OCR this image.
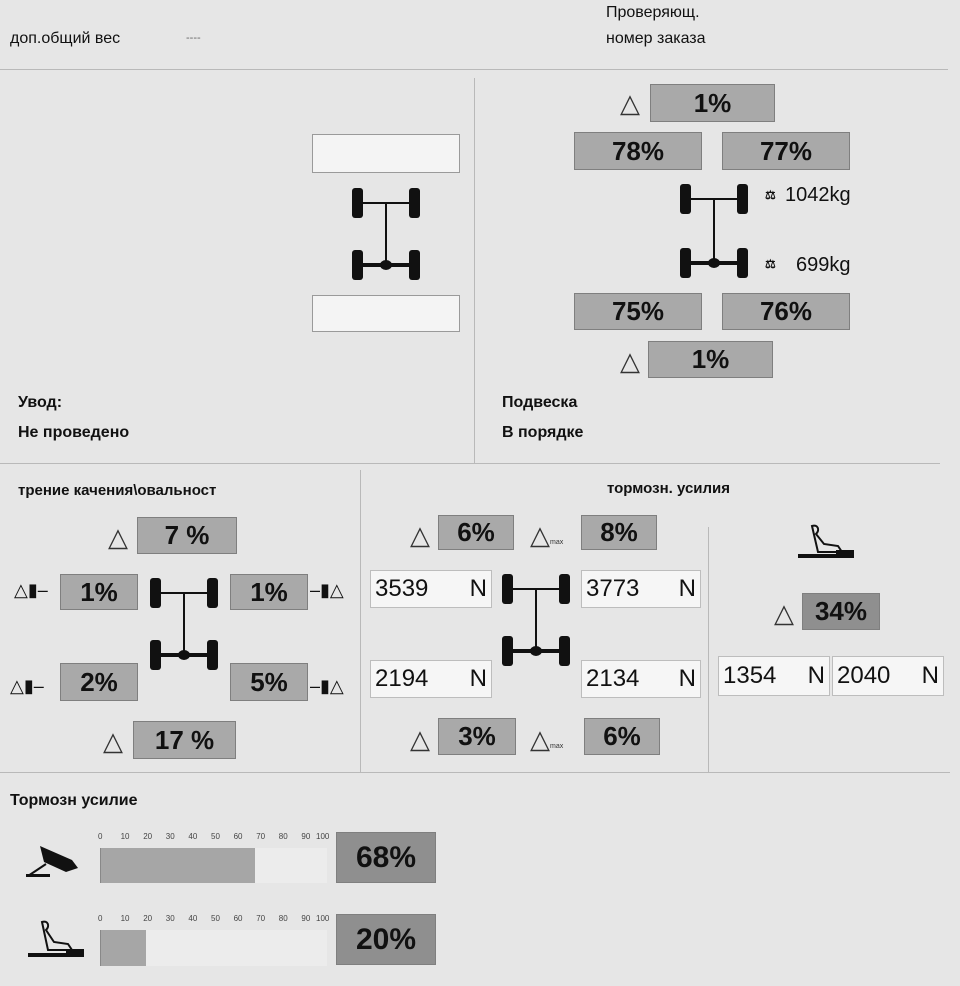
доп.общий вес	----
Проверяющ.
номер заказа
Увод:
Не проведено
△	1%
78%	77%
⚖ 1042kg
⚖ 699kg
75%	76%
△	1%
Подвеска
В порядке
трение качения\овальност
△	7 %
△▮–	1%	1%	–▮△
△▮–	2%	5%	–▮△
△	17 %
тормозн. усилия
△	6%	△max	8%
3539 N	3773 N
2194 N	2134 N
△	3%	△max	6%
△ 34%
1354 N 2040 N
Тормозн усилие
0 10 20 30 40 50 60 70 80 90 100
68%
0 10 20 30 40 50 60 70 80 90 100
20%
